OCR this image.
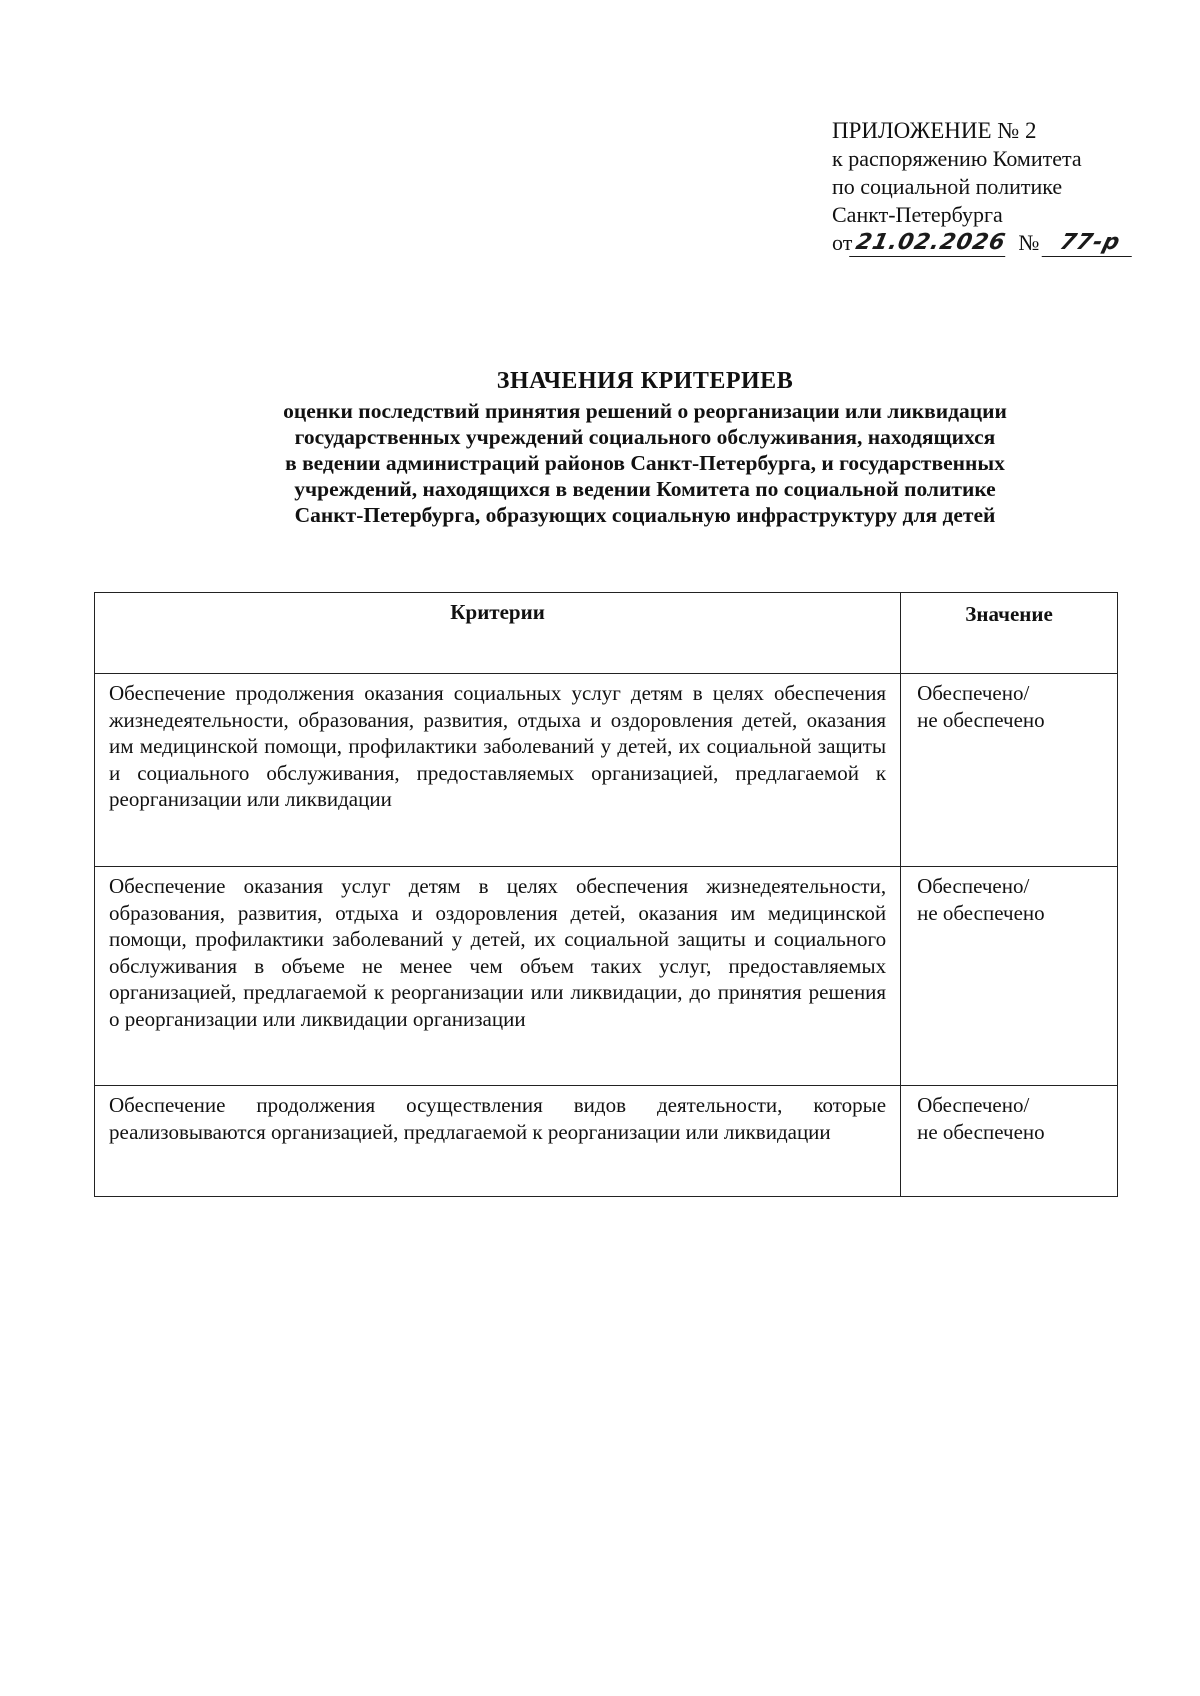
ПРИЛОЖЕНИЕ № 2
к распоряжению Комитета
по социальной политике
Санкт-Петербурга
от 21.02.2026 № 77-р
ЗНАЧЕНИЯ КРИТЕРИЕВ
оценки последствий принятия решений о реорганизации или ликвидации
государственных учреждений социального обслуживания, находящихся
в ведении администраций районов Санкт-Петербурга, и государственных
учреждений, находящихся в ведении Комитета по социальной политике
Санкт-Петербурга, образующих социальную инфраструктуру для детей
Критерии	Значение
Обеспечение продолжения оказания социальных услуг детям в целях обеспечения жизнедеятельности, образования, развития, отдыха и оздоровления детей, оказания им медицинской помощи, профилактики заболеваний у детей, их социальной защиты и социального обслуживания, предоставляемых организацией, предлагаемой к реорганизации или ликвидации	Обеспечено/
не обеспечено

Обеспечение оказания услуг детям в целях обеспечения жизнедеятельности, образования, развития, отдыха и оздоровления детей, оказания им медицинской помощи, профилактики заболеваний у детей, их социальной защиты и социального обслуживания в объеме не менее чем объем таких услуг, предоставляемых организацией, предлагаемой к реорганизации или ликвидации, до принятия решения о реорганизации или ликвидации организации	Обеспечено/
не обеспечено

Обеспечение продолжения осуществления видов деятельности, которые реализовываются организацией, предлагаемой к реорганизации или ликвидации	Обеспечено/
не обеспечено
